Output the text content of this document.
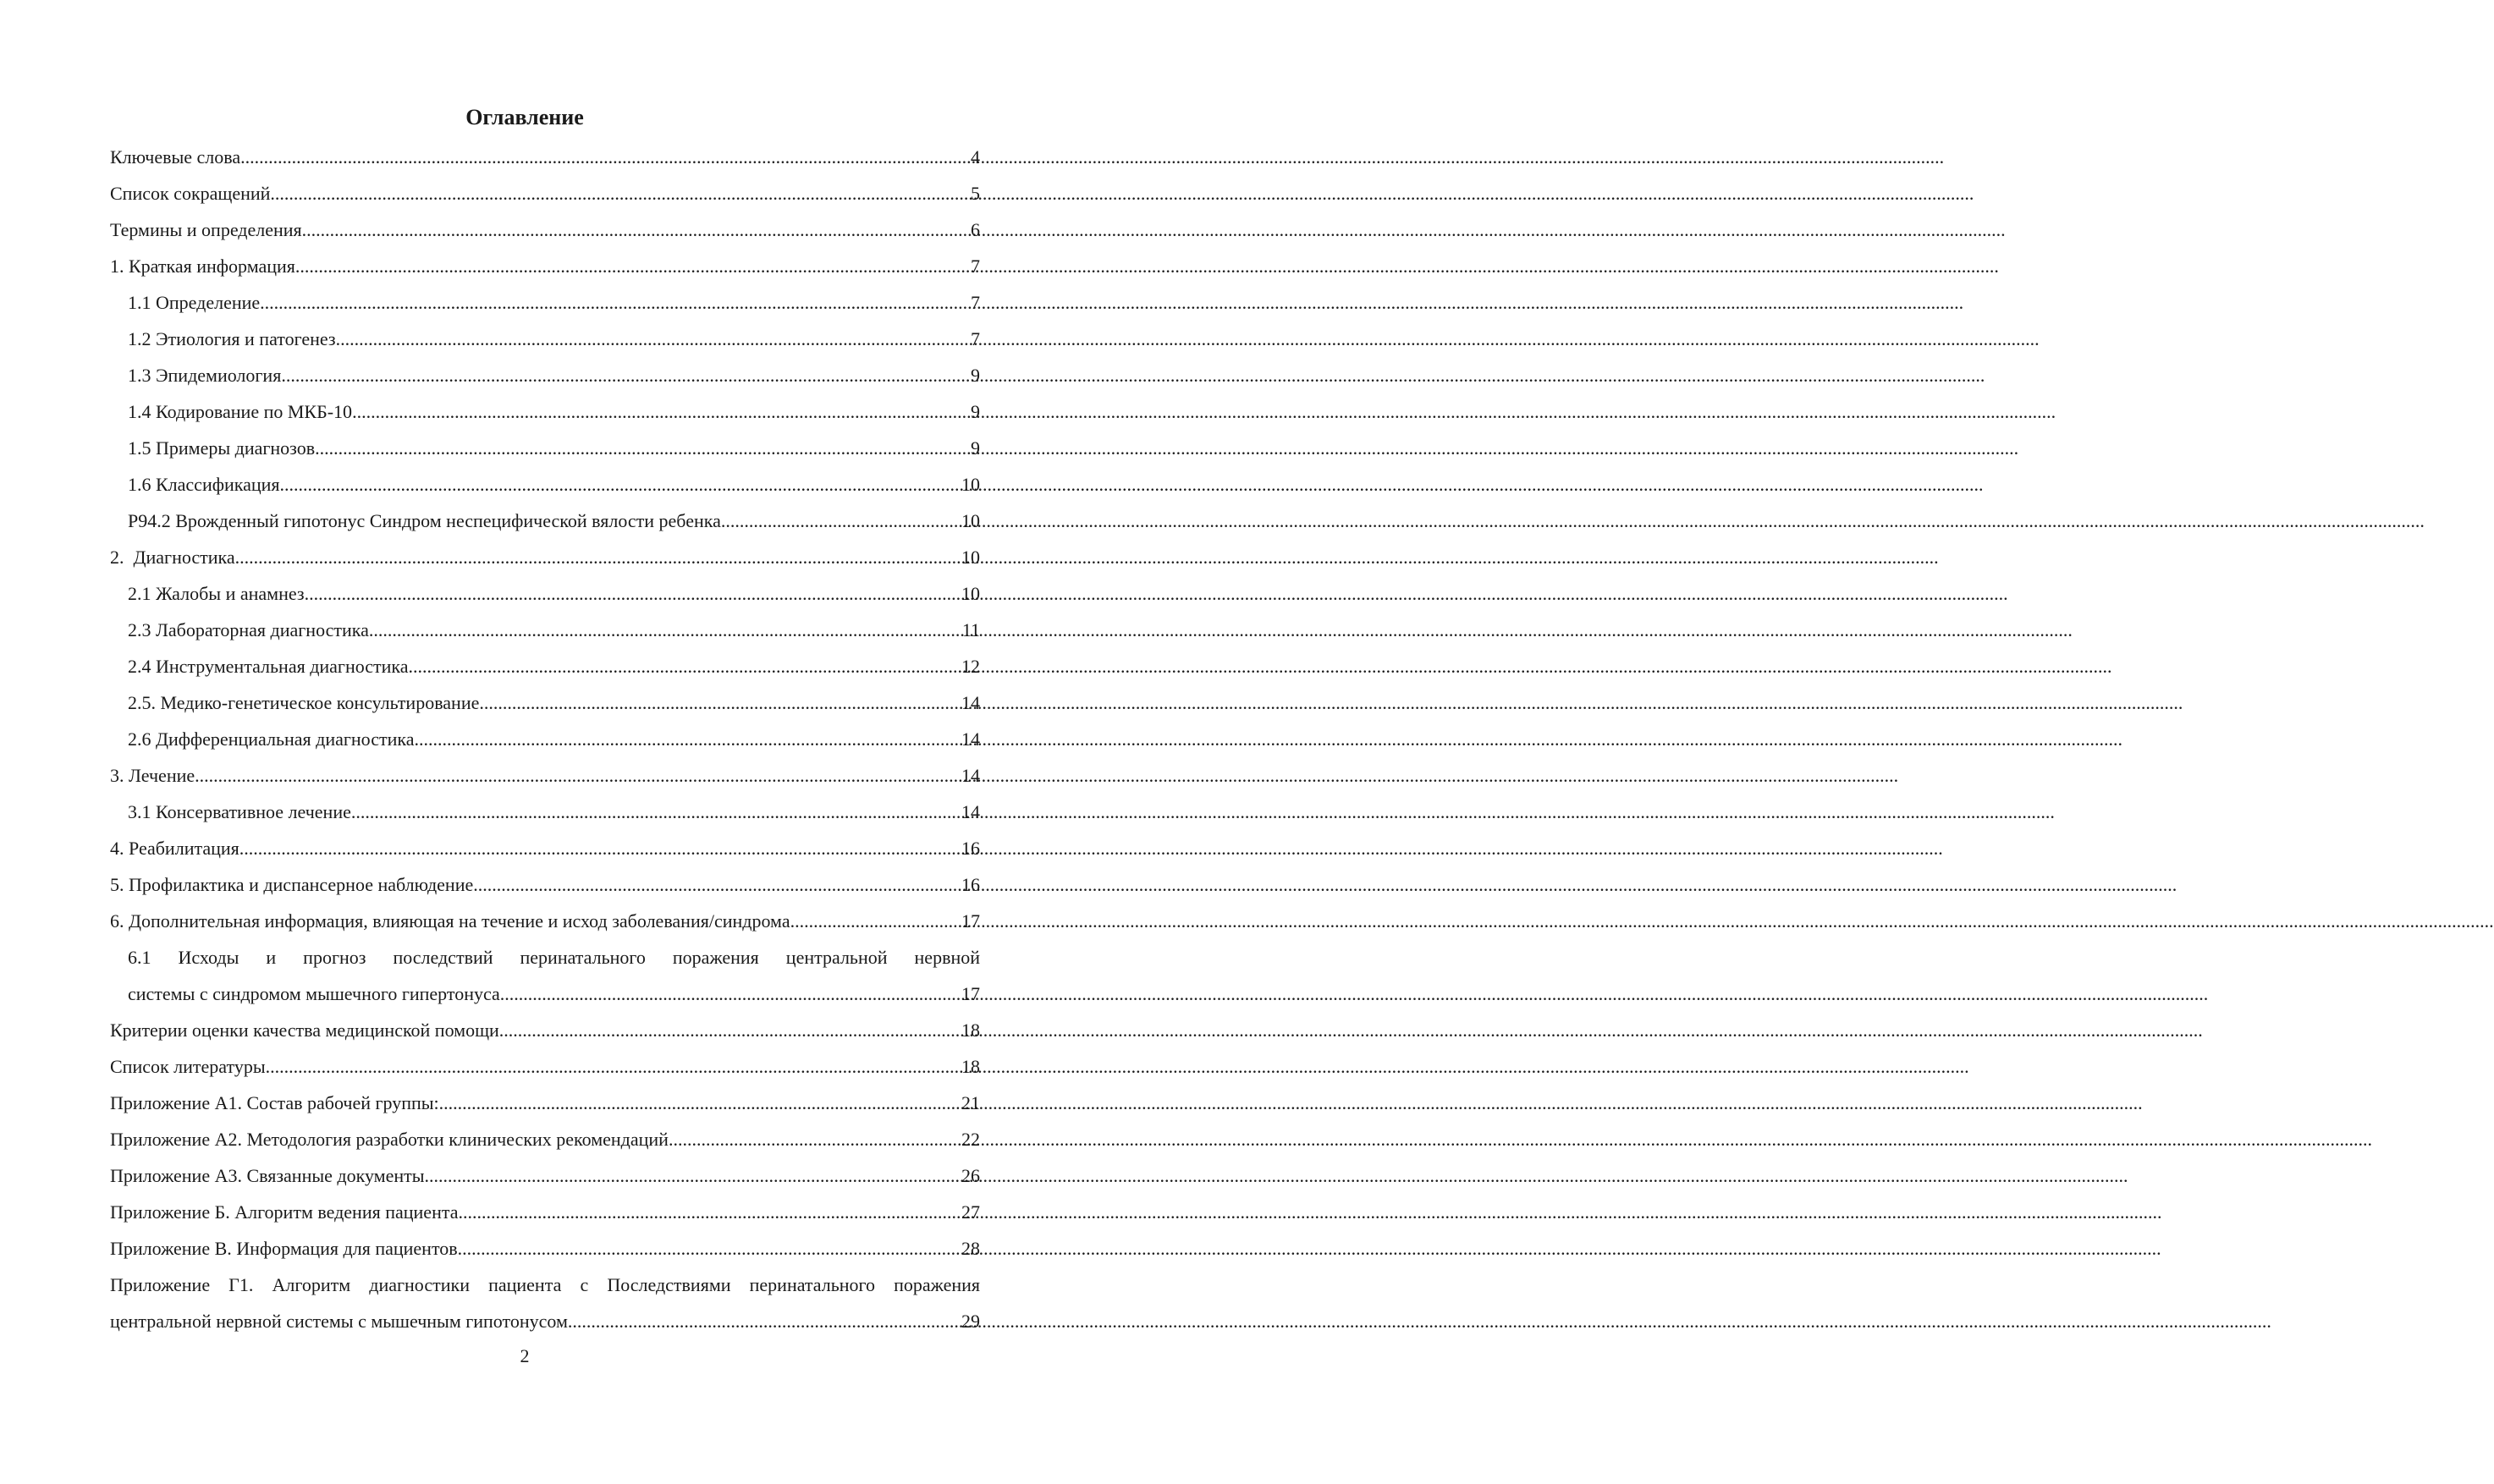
Оглавление
Ключевые слова .....	4
Список сокращений .....	5
Термины и определения .....	6
1. Краткая информация .....	7
1.1 Определение .....	7
1.2 Этиология и патогенез .....	7
1.3 Эпидемиология .....	9
1.4 Кодирование по МКБ-10 .....	9
1.5 Примеры диагнозов .....	9
1.6 Классификация .....	10
P94.2 Врожденный гипотонус Синдром неспецифической вялости ребенка .....	10
2.  Диагностика .....	10
2.1 Жалобы и анамнез .....	10
2.3 Лабораторная диагностика .....	11
2.4 Инструментальная диагностика .....	12
2.5. Медико-генетическое консультирование .....	14
2.6 Дифференциальная диагностика. .....	14
3. Лечение .....	14
3.1 Консервативное лечение .....	14
4. Реабилитация .....	16
5. Профилактика и диспансерное наблюдение .....	16
6. Дополнительная информация, влияющая на течение и исход заболевания/синдрома .....	17
6.1 Исходы и прогноз последствий перинатального поражения центральной нервной
системы с синдромом мышечного гипертонуса. .....	17
Критерии оценки качества медицинской помощи .....	18
Список литературы .....	18
Приложение А1. Состав рабочей группы: .....	21
Приложение А2. Методология разработки клинических рекомендаций .....	22
Приложение А3. Связанные документы .....	26
Приложение Б. Алгоритм ведения пациента .....	27
Приложение В. Информация для пациентов .....	28
Приложение Г1. Алгоритм диагностики пациента с Последствиями перинатального поражения
центральной нервной системы с мышечным гипотонусом .....	29
2
